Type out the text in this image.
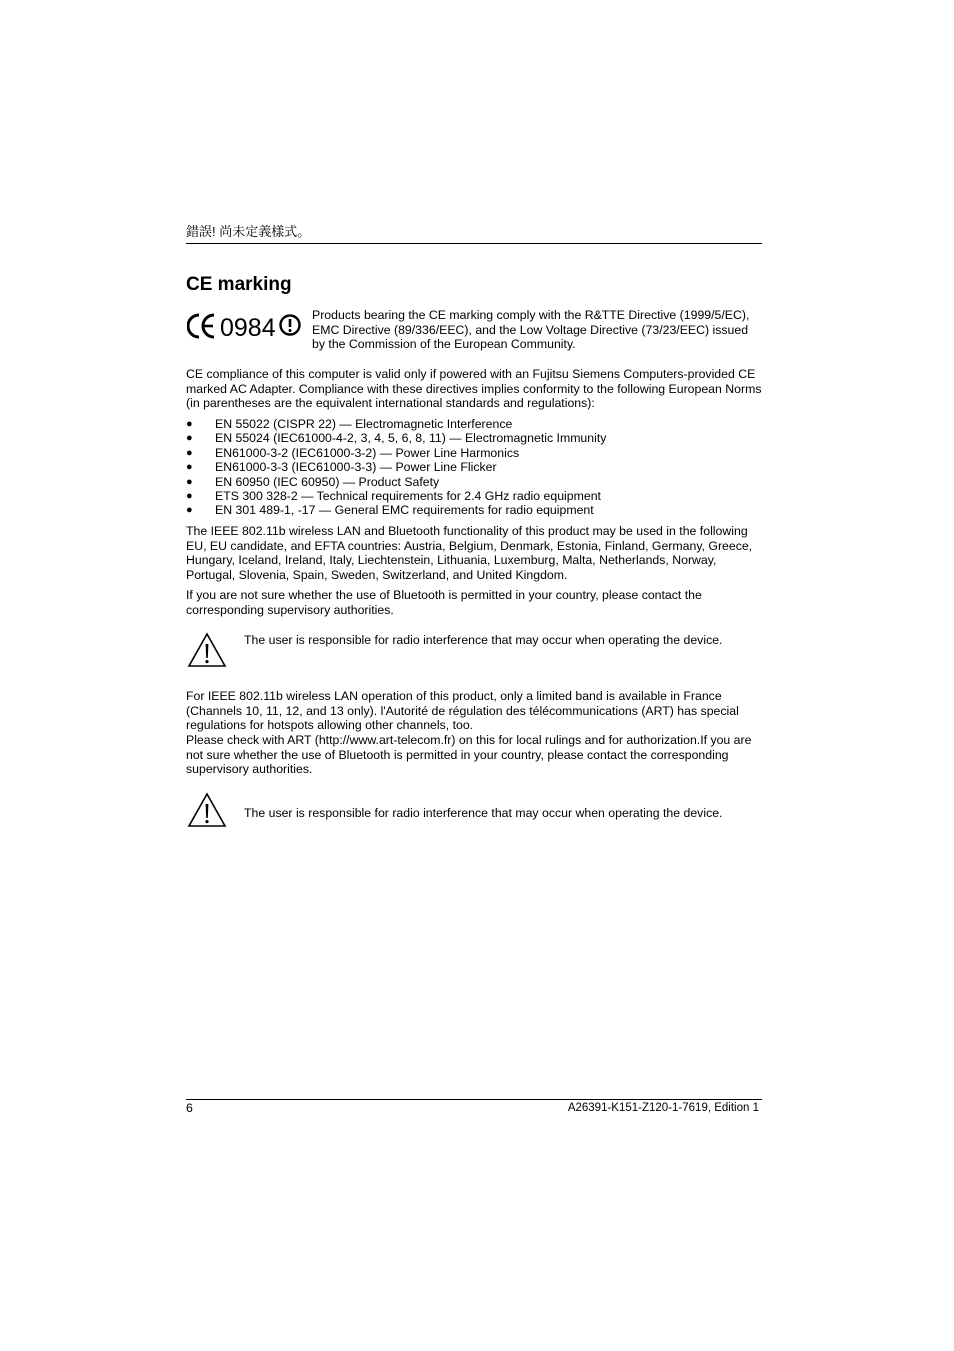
錯誤! 尚未定義樣式。
CE marking
0984	Products bearing the CE marking comply with the R&TTE Directive (1999/5/EC), EMC Directive (89/336/EEC), and the Low Voltage Directive (73/23/EEC) issued by the Commission of the European Community.

CE compliance of this computer is valid only if powered with an Fujitsu Siemens Computers-provided CE marked AC Adapter. Compliance with these directives implies conformity to the following European Norms (in parentheses are the equivalent international standards and regulations):

● EN 55022 (CISPR 22) — Electromagnetic Interference
● EN 55024 (IEC61000-4-2, 3, 4, 5, 6, 8, 11) — Electromagnetic Immunity
● EN61000-3-2 (IEC61000-3-2) — Power Line Harmonics
● EN61000-3-3 (IEC61000-3-3) — Power Line Flicker
● EN 60950 (IEC 60950) — Product Safety
● ETS 300 328-2 — Technical requirements for 2.4 GHz radio equipment
● EN 301 489-1, -17 — General EMC requirements for radio equipment

The IEEE 802.11b wireless LAN and Bluetooth functionality of this product may be used in the following EU, EU candidate, and EFTA countries: Austria, Belgium, Denmark, Estonia, Finland, Germany, Greece, Hungary, Iceland, Ireland, Italy, Liechtenstein, Lithuania, Luxemburg, Malta, Netherlands, Norway, Portugal, Slovenia, Spain, Sweden, Switzerland, and United Kingdom.

If you are not sure whether the use of Bluetooth is permitted in your country, please contact the corresponding supervisory authorities.

The user is responsible for radio interference that may occur when operating the device.

For IEEE 802.11b wireless LAN operation of this product, only a limited band is available in France (Channels 10, 11, 12, and 13 only). l'Autorité de régulation des télécommunications (ART) has special regulations for hotspots allowing other channels, too.

Please check with ART (http://www.art-telecom.fr) on this for local rulings and for authorization.If you are not sure whether the use of Bluetooth is permitted in your country, please contact the corresponding supervisory authorities.

The user is responsible for radio interference that may occur when operating the device.
6	A26391-K151-Z120-1-7619, Edition 1
